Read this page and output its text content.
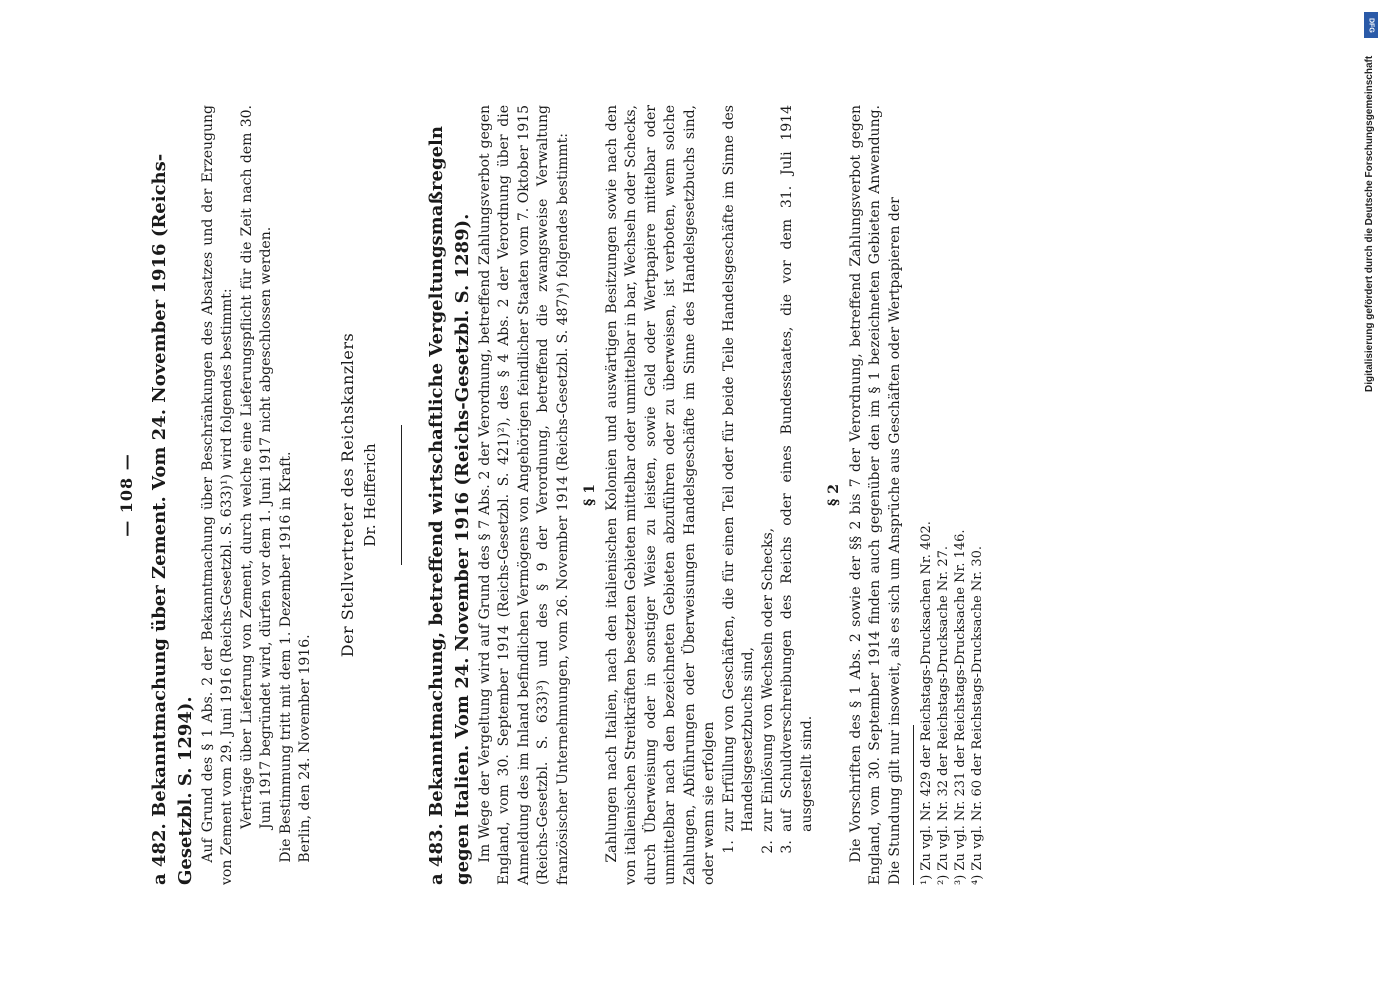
— 108 —

a 482. Bekanntmachung über Zement. Vom 24. November 1916 (Reichs-Gesetzbl. S. 1294). Auf Grund des § 1 Abs. 2 der Bekanntmachung über Beschränkungen des Absatzes und der Erzeugung von Zement vom 29. Juni 1916 (Reichs-Gesetzbl. S. 633)¹) wird folgendes bestimmt: Verträge über Lieferung von Zement, durch welche eine Lieferungspflicht für die Zeit nach dem 30. Juni 1917 begründet wird, dürfen vor dem 1. Juni 1917 nicht abgeschlossen werden. Die Bestimmung tritt mit dem 1. Dezember 1916 in Kraft. Berlin, den 24. November 1916.

Der Stellvertreter des Reichskanzlers Dr. Helfferich

a 483. Bekanntmachung, betreffend wirtschaftliche Vergeltungsmaßregeln gegen Italien. Vom 24. November 1916 (Reichs-Gesetzbl. S. 1289). Im Wege der Vergeltung wird auf Grund des § 7 Abs. 2 der Verordnung, betreffend Zahlungsverbot gegen England, vom 30. September 1914 (Reichs-Gesetzbl. S. 421)²), des § 4 Abs. 2 der Verordnung über die Anmeldung des im Inland befindlichen Vermögens von Angehörigen feindlicher Staaten vom 7. Oktober 1915 (Reichs-Gesetzbl. S. 633)³) und des § 9 der Verordnung, betreffend die zwangsweise Verwaltung französischer Unternehmungen, vom 26. November 1914 (Reichs-Gesetzbl. S. 487)⁴) folgendes bestimmt: § 1 Zahlungen nach Italien, nach den italienischen Kolonien und auswärtigen Besitzungen sowie nach den von italienischen Streitkräften besetzten Gebieten mittelbar oder unmittelbar in bar, Wechseln oder Schecks, durch Überweisung oder in sonstiger Weise zu leisten, sowie Geld oder Wertpapiere mittelbar oder unmittelbar nach den bezeichneten Gebieten abzuführen oder zu überweisen, ist verboten, wenn solche Zahlungen, Abführungen oder Überweisungen Handelsgeschäfte im Sinne des Handelsgesetzbuchs sind, oder wenn sie erfolgen 1.
zur Erfüllung von Geschäften, die für einen Teil oder für beide Teile Handelsgeschäfte im Sinne des Handelsgesetzbuchs sind,
2.
zur Einlösung von Wechseln oder Schecks,
3.
auf Schuldverschreibungen des Reichs oder eines Bundesstaates, die vor dem 31. Juli 1914 ausgestellt sind.

§ 2 Die Vorschriften des § 1 Abs. 2 sowie der §§ 2 bis 7 der Verordnung, betreffend Zahlungsverbot gegen England, vom 30. September 1914 finden auch gegenüber den im § 1 bezeichneten Gebieten Anwendung. Die Stundung gilt nur insoweit, als es sich um Ansprüche aus Geschäften oder Wertpapieren der ¹) Zu vgl. Nr. 429 der Reichstags-Drucksachen Nr. 402. ²) Zu vgl. Nr. 32 der Reichstags-Drucksache Nr. 27. ³) Zu vgl. Nr. 231 der Reichstags-Drucksache Nr. 146. ⁴) Zu vgl. Nr. 60 der Reichstags-Drucksache Nr. 30.

DFG
Digitalisierung gefördert durch die Deutsche Forschungsgemeinschaft
